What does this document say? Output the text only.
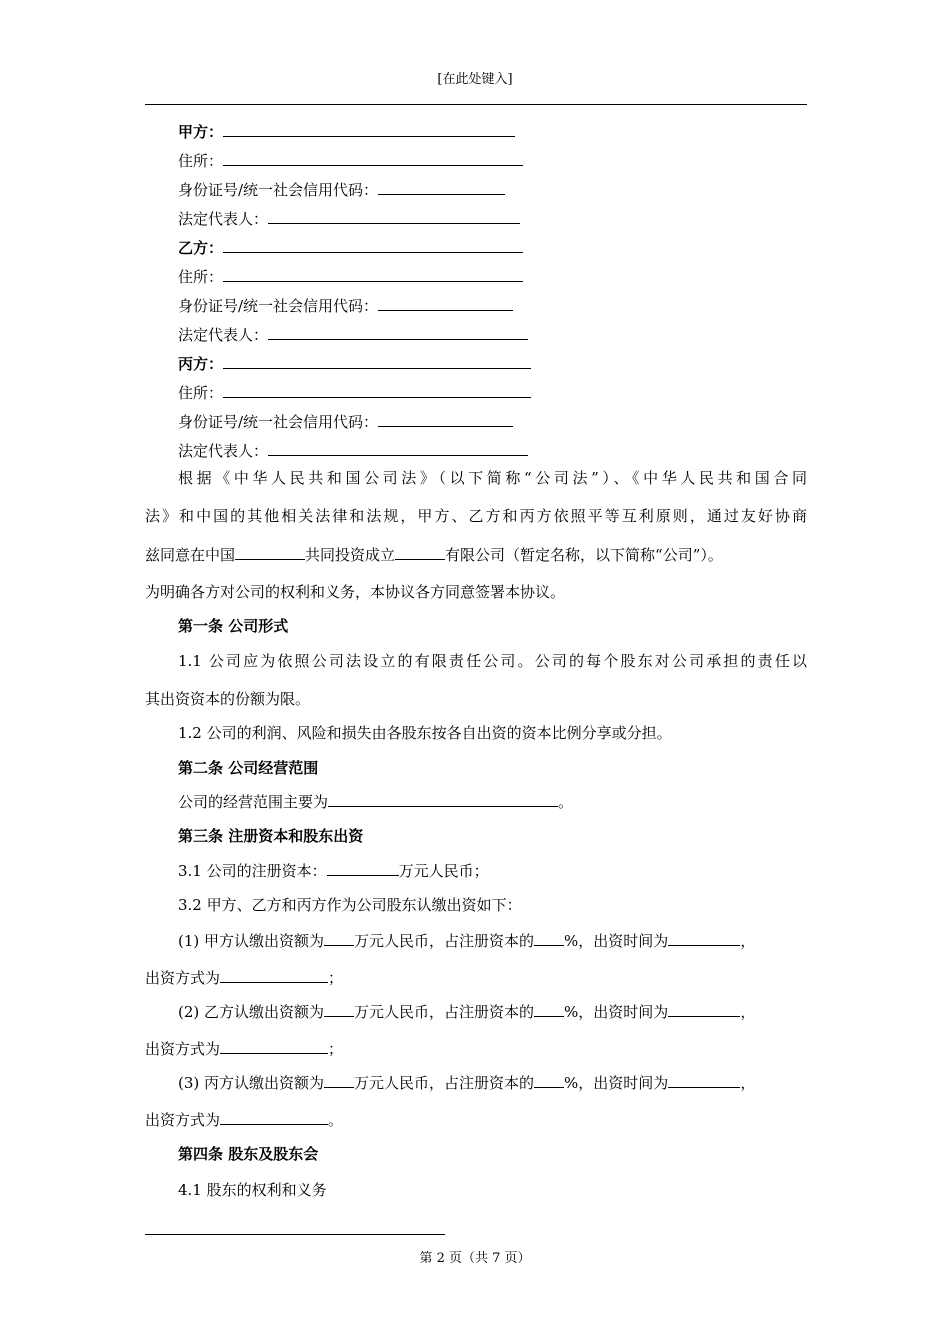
[在此处键入]
甲方：
住所：
身份证号/统一社会信用代码：
法定代表人：
乙方：
住所：
身份证号/统一社会信用代码：
法定代表人：
丙方：
住所：
身份证号/统一社会信用代码：
法定代表人：
根据《中华人民共和国公司法》（以下简称“公司法”）、《中华人民共和国合同
法》和中国的其他相关法律和法规，甲方、乙方和丙方依照平等互利原则，通过友好协商
兹同意在中国	共同投资成立	有限公司（暂定名称，以下简称“公司”）。
为明确各方对公司的权利和义务，本协议各方同意签署本协议。
第一条 公司形式
1.1 公司应为依照公司法设立的有限责任公司。公司的每个股东对公司承担的责任以
其出资资本的份额为限。
1.2 公司的利润、风险和损失由各股东按各自出资的资本比例分享或分担。
第二条 公司经营范围
公司的经营范围主要为	。
第三条 注册资本和股东出资
3.1 公司的注册资本：	万元人民币；
3.2 甲方、乙方和丙方作为公司股东认缴出资如下：
(1) 甲方认缴出资额为 万元人民币，占注册资本的 %，出资时间为	，
出资方式为	；
(2) 乙方认缴出资额为 万元人民币，占注册资本的 %，出资时间为	，
出资方式为	；
(3) 丙方认缴出资额为 万元人民币，占注册资本的 %，出资时间为	，
出资方式为	。
第四条 股东及股东会
4.1 股东的权利和义务
第 2 页（共 7 页）
